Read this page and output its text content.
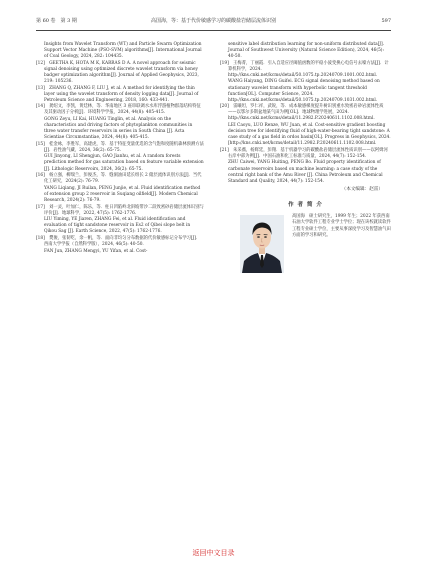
第 60 卷　第 3 期	高国海，等：基于代价敏感学习的碳酸盐岩储层流体识别	597
Insights from Wavelet Transform (WT) and Particle Swarm Optimization Support Vector Machine (PSO-SVM) algorithms[J]. International Journal of Coal Geology, 2024, 282: 104435.
[12]　GEETHA K, HOTA M K, KARRAS D A. A novel approach for seismic signal denoising using optimized discrete wavelet transform via honey badger optimization algorithm[J]. Journal of Applied Geophysics, 2023, 219: 105236.
[13]　ZHANG Q, ZHANG F, LIU J, et al. A method for identifying the thin layer using the wavelet transform of density logging data[J]. Journal of Petroleum Science and Engineering, 2018, 160: 433-441.
[14]　龚绍文，李凯，黄廷林，等．华南地区 3 座串联调水水库浮游植物群落结构特征及其驱动因子分析[J]．环境科学学报，2024, 44(8): 405-415.
GONG Zeyu, LI Kai, HUANG Tinglin, et al. Analysis on the characteristics and driving factors of phytoplankton communities in three water transfer reservoirs in series in South China [J]. Acta Scientiae Circumstantiae, 2024, 44(8): 405-415.
[15]　桂金咏，李胜军，高建虎，等．基于特征变量优选的含气饱和度随机森林预测方法[J]．岩性油气藏，2024, 36(2): 65-75.
GUI Jinyong, LI Shengjun, GAO Jianhu, et al. A random forests prediction method for gas saturation based on feature variable extension [J]. Lithologic Reservoirs, 2024, 36(2): 65-75.
[16]　杨立强，柳瑞兰，彭俊杰，等．缝洞油田延长组长 2 储层流体识别方法[J]．当代化工研究，2024(2): 76-79.
YANG Liqiang, JI Ruilan, PENG Junjie, et al. Fluid identification method of extension group 2 reservoir in Suqiang oilfield[J]. Modern Chemical Research, 2024(2): 76-79.
[17]　刘一灵，叶加仁，陈乐，等．柱日凹陷岭北斜坡带沙二段致密砂岩储层流体识别与评价[J]．地球科学，2022, 47(5): 1762-1776.
LIU Yiming, YE Jiaren, ZHANG Fei, et al. Fluid identification and evaluation of tight sandstone reservoir in Es2 of Qibei slope belt in Qikou Sag [J]. Earth Science, 2022, 47(5): 1762-1776.
[18]　樊俊，张韧吃，余一帆，等．面向非均匀分布数据的代价敏感标记分布学习[J]．西南大学学报（自然科学版），2024, 46(5): 40-50.
FAN Jun, ZHANG Mengyi, YU Yifan, et al. Cost-
sensitive label distribution learning for non-uniform distributed data[J]. Journal of Southwest University (Natural Science Edition), 2024, 46(5): 40-50.
[19]　王梅菁，丁丽霞．引入自适应径阈值函数的平稳小波变换心电信号去噪方法[J]．计算机科学，2024. http://kns.cnki.net/kcms/detail/50.1075.tp.20240709.1001.002.html.
WANG Haiyang, DING Guifei. ECG signal denoising method based on stationary wavelet transform with hyperbolic tangent threshold function[OL]. Computer Science, 2024. http://kns.cnki.net/kcms/detail/50.1075.tp.20240709.1031.002.html.
[20]　雷曦坦，罗仁祥，武锐，等．成本敏感梯度提升树识别重水致密岩砂岩流体性质——以鄂尔多斯盆地某气田为例[OL]．地球物理学进展，2024. http://kns.cnki.net/kcms/detail/11.2982.P.20240611.1102.008.html.
LEI Caoyu, LUO Renze, WU Juan, et al. Cost-sensitive gradient boosting decision tree for identifying fluid of high-water-bearing tight sandstone: A case study of a gas field in ordos basin[OL]. Progress in Geophysics, 2024. [http://kns.cnki.net/kcms/detail/11.2982.P.20240611.1102.008.html.
[21]　朱采薇，杨辉廷，彭翔．基于机器学习的碳酸盐岩储层流体性质识别——以阿姆河右岸中部为例[J]．中国石油和化工标准与质量，2024, 44(7): 152-154.
ZHU Caiwei, YANG Huiting, PENG Bo. Fluid property identification of carbonate reservoirs based on machine learning: a case study of the central right bank of the Amu River [J]. China Petroleum and Chemical Standard and Quality, 2024, 44(7): 152-154.
（本文编辑：赵雷）
作 者 简 介
高国海　硕士研究生，1999 年生；2022 年获西南石油大学软件工程专业学士学位；现在该校就读软件工程专业硕士学位，主要从事深度学习及智慧油气田方面的学习和研究。
返回中文目录
